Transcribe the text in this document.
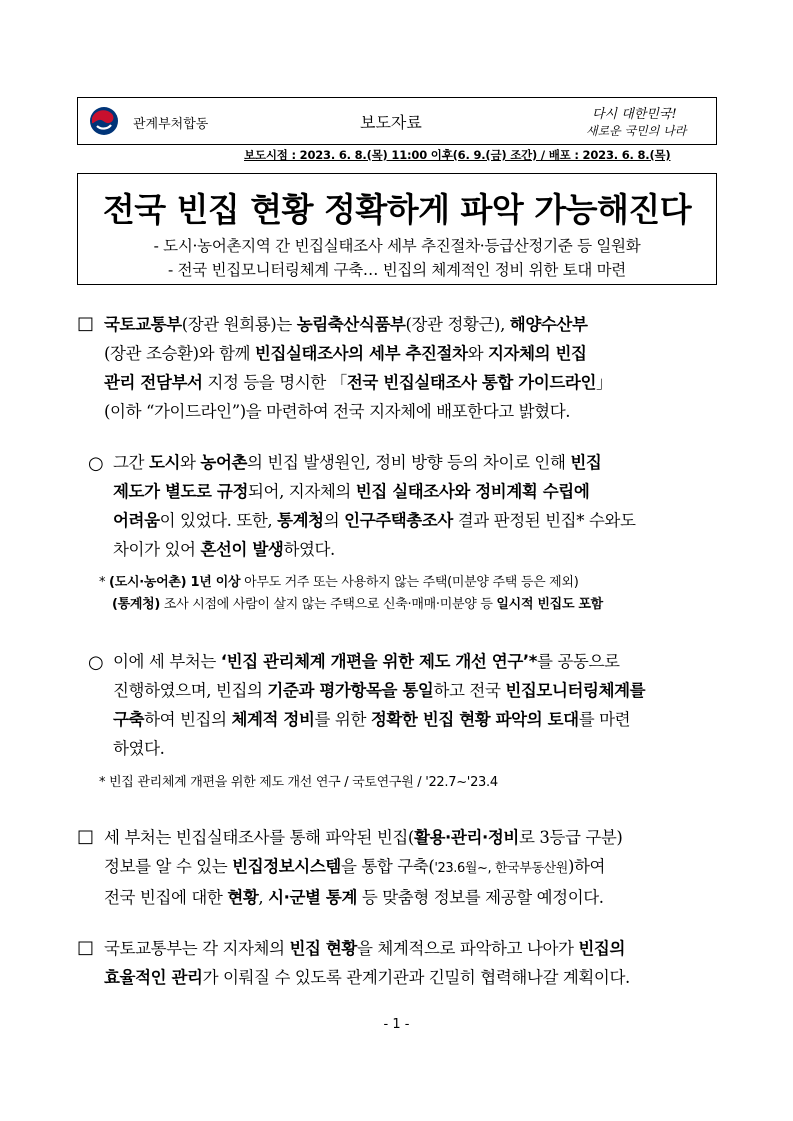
관계부처합동	보도자료	다시 대한민국!
새로운 국민의 나라
보도시점 : 2023. 6. 8.(목) 11:00 이후(6. 9.(금) 조간) / 배포 : 2023. 6. 8.(목)
전국 빈집 현황 정확하게 파악 가능해진다
- 도시·농어촌지역 간 빈집실태조사 세부 추진절차·등급산정기준 등 일원화
- 전국 빈집모니터링체계 구축… 빈집의 체계적인 정비 위한 토대 마련
□ 국토교통부(장관 원희룡)는 농림축산식품부(장관 정황근), 해양수산부
(장관 조승환)와 함께 빈집실태조사의 세부 추진절차와 지자체의 빈집
관리 전담부서 지정 등을 명시한 「전국 빈집실태조사 통합 가이드라인」
(이하 “가이드라인”)을 마련하여 전국 지자체에 배포한다고 밝혔다.
○ 그간 도시와 농어촌의 빈집 발생원인, 정비 방향 등의 차이로 인해 빈집
제도가 별도로 규정되어, 지자체의 빈집 실태조사와 정비계획 수립에
어려움이 있었다. 또한, 통계청의 인구주택총조사 결과 판정된 빈집* 수와도
차이가 있어 혼선이 발생하였다.
* (도시·농어촌) 1년 이상 아무도 거주 또는 사용하지 않는 주택(미분양 주택 등은 제외)
(통계청) 조사 시점에 사람이 살지 않는 주택으로 신축·매매·미분양 등 일시적 빈집도 포함
○ 이에 세 부처는 ‘빈집 관리체계 개편을 위한 제도 개선 연구’*를 공동으로
진행하였으며, 빈집의 기준과 평가항목을 통일하고 전국 빈집모니터링체계를
구축하여 빈집의 체계적 정비를 위한 정확한 빈집 현황 파악의 토대를 마련
하였다.
* 빈집 관리체계 개편을 위한 제도 개선 연구 / 국토연구원 / '22.7~'23.4
□ 세 부처는 빈집실태조사를 통해 파악된 빈집(활용·관리·정비로 3등급 구분)
정보를 알 수 있는 빈집정보시스템을 통합 구축('23.6월~, 한국부동산원)하여
전국 빈집에 대한 현황, 시·군별 통계 등 맞춤형 정보를 제공할 예정이다.
□ 국토교통부는 각 지자체의 빈집 현황을 체계적으로 파악하고 나아가 빈집의
효율적인 관리가 이뤄질 수 있도록 관계기관과 긴밀히 협력해나갈 계획이다.
- 1 -
